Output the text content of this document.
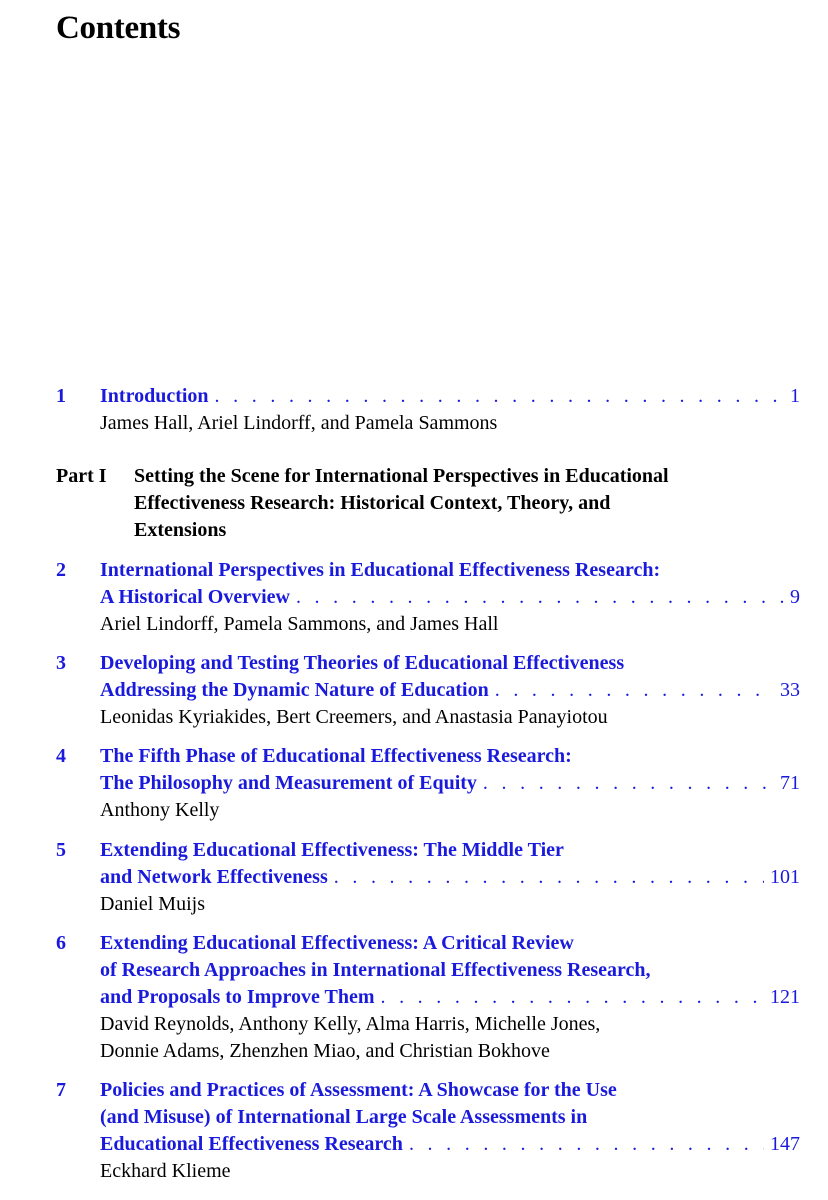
Contents
1 Introduction . . .	1
James Hall, Ariel Lindorff, and Pamela Sammons
Part I Setting the Scene for International Perspectives in Educational
Effectiveness Research: Historical Context, Theory, and
Extensions
2 International Perspectives in Educational Effectiveness Research:
A Historical Overview . . .	9
Ariel Lindorff, Pamela Sammons, and James Hall
3 Developing and Testing Theories of Educational Effectiveness
Addressing the Dynamic Nature of Education . . .	33
Leonidas Kyriakides, Bert Creemers, and Anastasia Panayiotou
4 The Fifth Phase of Educational Effectiveness Research:
The Philosophy and Measurement of Equity . . .	71
Anthony Kelly
5 Extending Educational Effectiveness: The Middle Tier
and Network Effectiveness . . .	101
Daniel Muijs
6 Extending Educational Effectiveness: A Critical Review
of Research Approaches in International Effectiveness Research,
and Proposals to Improve Them . . .	121
David Reynolds, Anthony Kelly, Alma Harris, Michelle Jones,
Donnie Adams, Zhenzhen Miao, and Christian Bokhove
7 Policies and Practices of Assessment: A Showcase for the Use
(and Misuse) of International Large Scale Assessments in
Educational Effectiveness Research . . .	147
Eckhard Klieme
